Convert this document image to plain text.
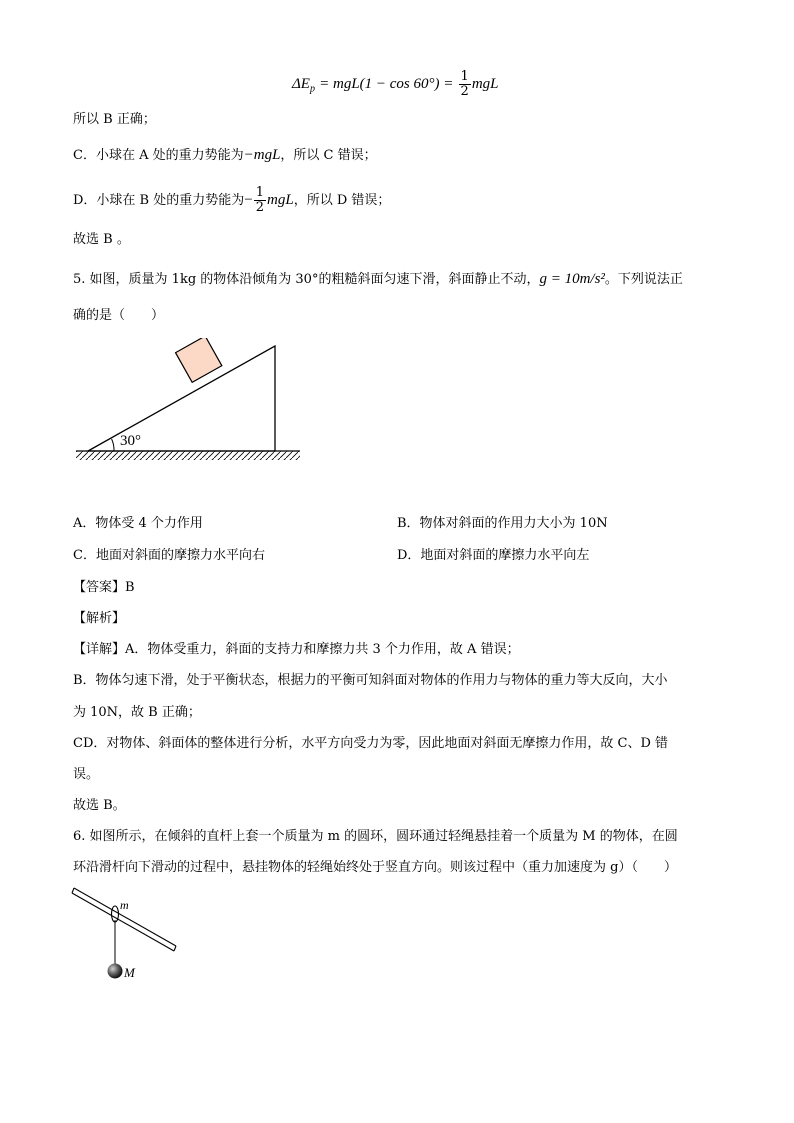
$\Delta E_p = mgL(1 - \cos 60^\circ) = \frac{1}{2}$ mgL
所以 B 正确；
C．小球在 A 处的重力势能为−mgL，所以 C 错误；
D．小球在 B 处的重力势能为− $\frac{1}{2}$ mgL，所以 D 错误；
故选 B 。
5. 如图，质量为 1kg 的物体沿倾角为 30°的粗糙斜面匀速下滑，斜面静止不动，g = 10m/s²。下列说法正
确的是（　　）
30°
A．物体受 4 个力作用	B．物体对斜面的作用力大小为 10N
C．地面对斜面的摩擦力水平向右	D．地面对斜面的摩擦力水平向左
【答案】B
【解析】
【详解】A．物体受重力，斜面的支持力和摩擦力共 3 个力作用，故 A 错误；
B．物体匀速下滑，处于平衡状态，根据力的平衡可知斜面对物体的作用力与物体的重力等大反向，大小
为 10N，故 B 正确；
CD．对物体、斜面体的整体进行分析，水平方向受力为零，因此地面对斜面无摩擦力作用，故 C、D 错
误。
故选 B。
6. 如图所示，在倾斜的直杆上套一个质量为 m 的圆环，圆环通过轻绳悬挂着一个质量为 M 的物体，在圆
环沿滑杆向下滑动的过程中，悬挂物体的轻绳始终处于竖直方向。则该过程中（重力加速度为 g）（　　）
m
M
